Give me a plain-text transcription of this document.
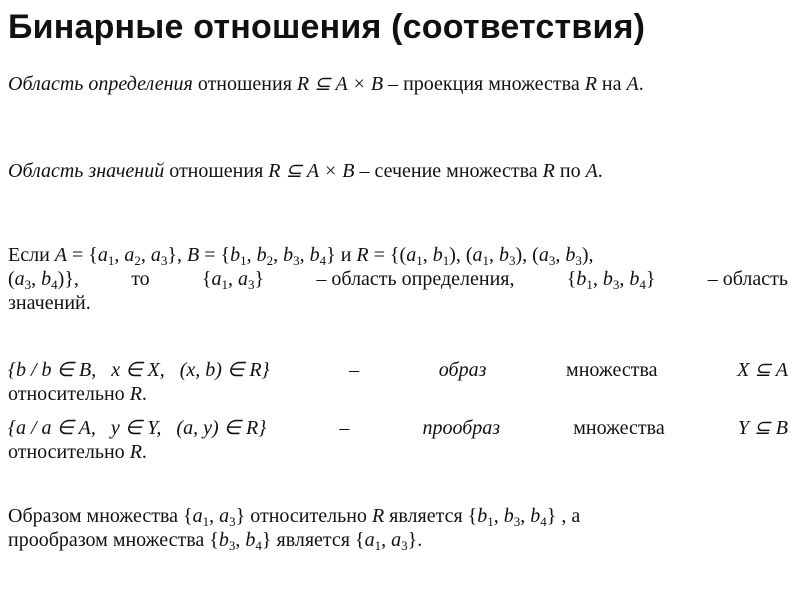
Бинарные отношения (соответствия)

Область определения отношения R ⊆ A × B – проекция множества R на A.

Область значений отношения R ⊆ A × B – сечение множества R по A.

Если $A = \{a_1$, $a_2$, $a_3$}, $B = \{b_1$, $b_2$, $b_3$, $b_4$} и $R = \{(a_1$, $b_1$), ($a_1$, $b_3$), ($a_3$, $b_3$),
($a_3$, $b_4$)},	то	{$a_1$, $a_3$}	– область определения,	{$b_1$, $b_3$, $b_4$}	– область
значений.
{b / b ∈ B,   x ∈ X,   (x, b) ∈ R}	–	образ	множества	X ⊆ A
относительно R.
{a / a ∈ A,   y ∈ Y,   (a, y) ∈ R}	–	прообраз	множества	Y ⊆ B
относительно R.
Образом множества {$a_1$, $a_3$} относительно R является {$b_1$, $b_3$, $b_4$} , а
прообразом множества {$b_3$, $b_4$} является {$a_1$, $a_3$}.
